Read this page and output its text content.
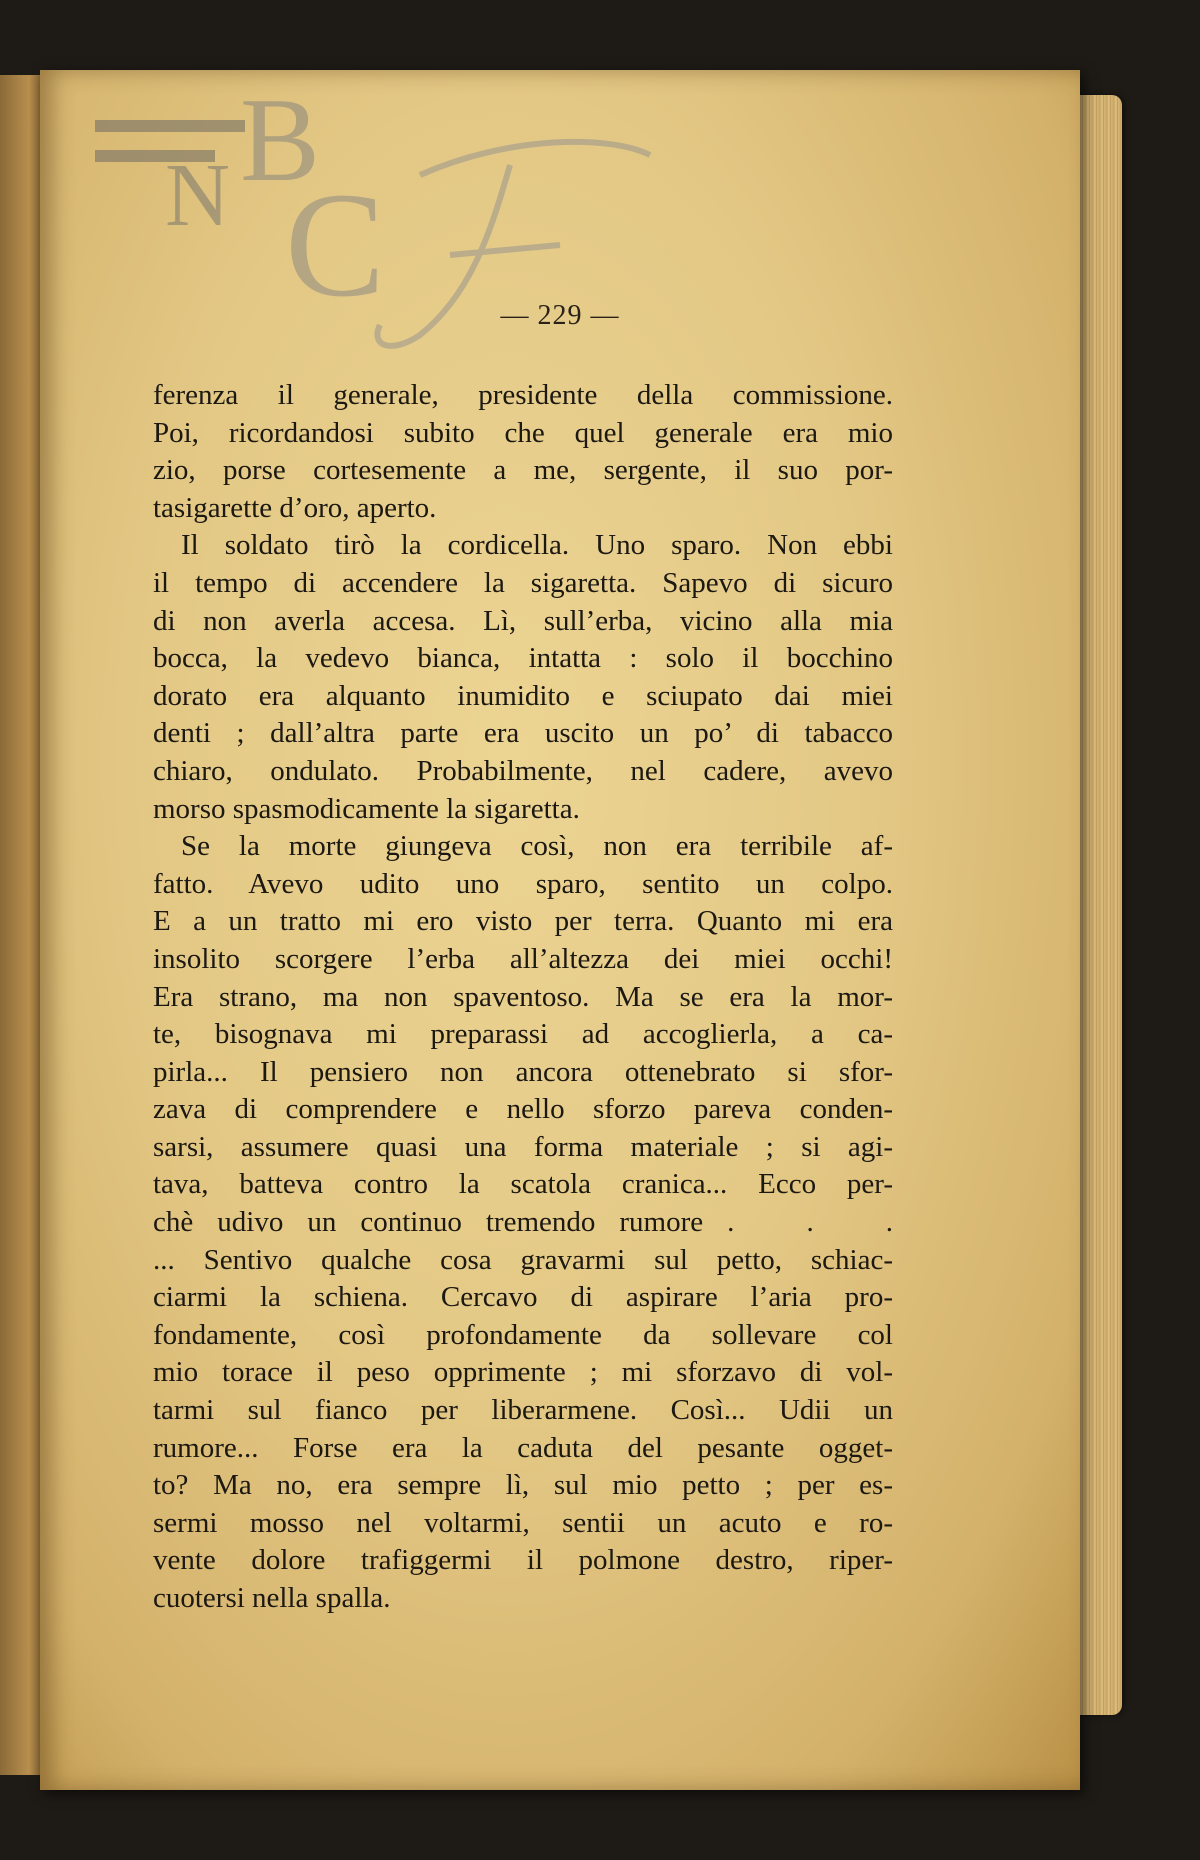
N B
C	— 229 —
ferenza il generale, presidente della commissione.
Poi, ricordandosi subito che quel generale era mio
zio, porse cortesemente a me, sergente, il suo por-
tasigarette d’oro, aperto.
Il soldato tirò la cordicella. Uno sparo. Non ebbi
il tempo di accendere la sigaretta. Sapevo di sicuro
di non averla accesa. Lì, sull’erba, vicino alla mia
bocca, la vedevo bianca, intatta : solo il bocchino
dorato era alquanto inumidito e sciupato dai miei
denti ; dall’altra parte era uscito un po’ di tabacco
chiaro, ondulato. Probabilmente, nel cadere, avevo
morso spasmodicamente la sigaretta.
Se la morte giungeva così, non era terribile af-
fatto. Avevo udito uno sparo, sentito un colpo.
E a un tratto mi ero visto per terra. Quanto mi era
insolito scorgere l’erba all’altezza dei miei occhi!
Era strano, ma non spaventoso. Ma se era la mor-
te, bisognava mi preparassi ad accoglierla, a ca-
pirla... Il pensiero non ancora ottenebrato si sfor-
zava di comprendere e nello sforzo pareva conden-
sarsi, assumere quasi una forma materiale ; si agi-
tava, batteva contro la scatola cranica... Ecco per-
chè udivo un continuo tremendo rumore .   .   .
... Sentivo qualche cosa gravarmi sul petto, schiac-
ciarmi la schiena. Cercavo di aspirare l’aria pro-
fondamente, così profondamente da sollevare col
mio torace il peso opprimente ; mi sforzavo di vol-
tarmi sul fianco per liberarmene. Così... Udii un
rumore... Forse era la caduta del pesante ogget-
to? Ma no, era sempre lì, sul mio petto ; per es-
sermi mosso nel voltarmi, sentii un acuto e ro-
vente dolore trafiggermi il polmone destro, riper-
cuotersi nella spalla.
